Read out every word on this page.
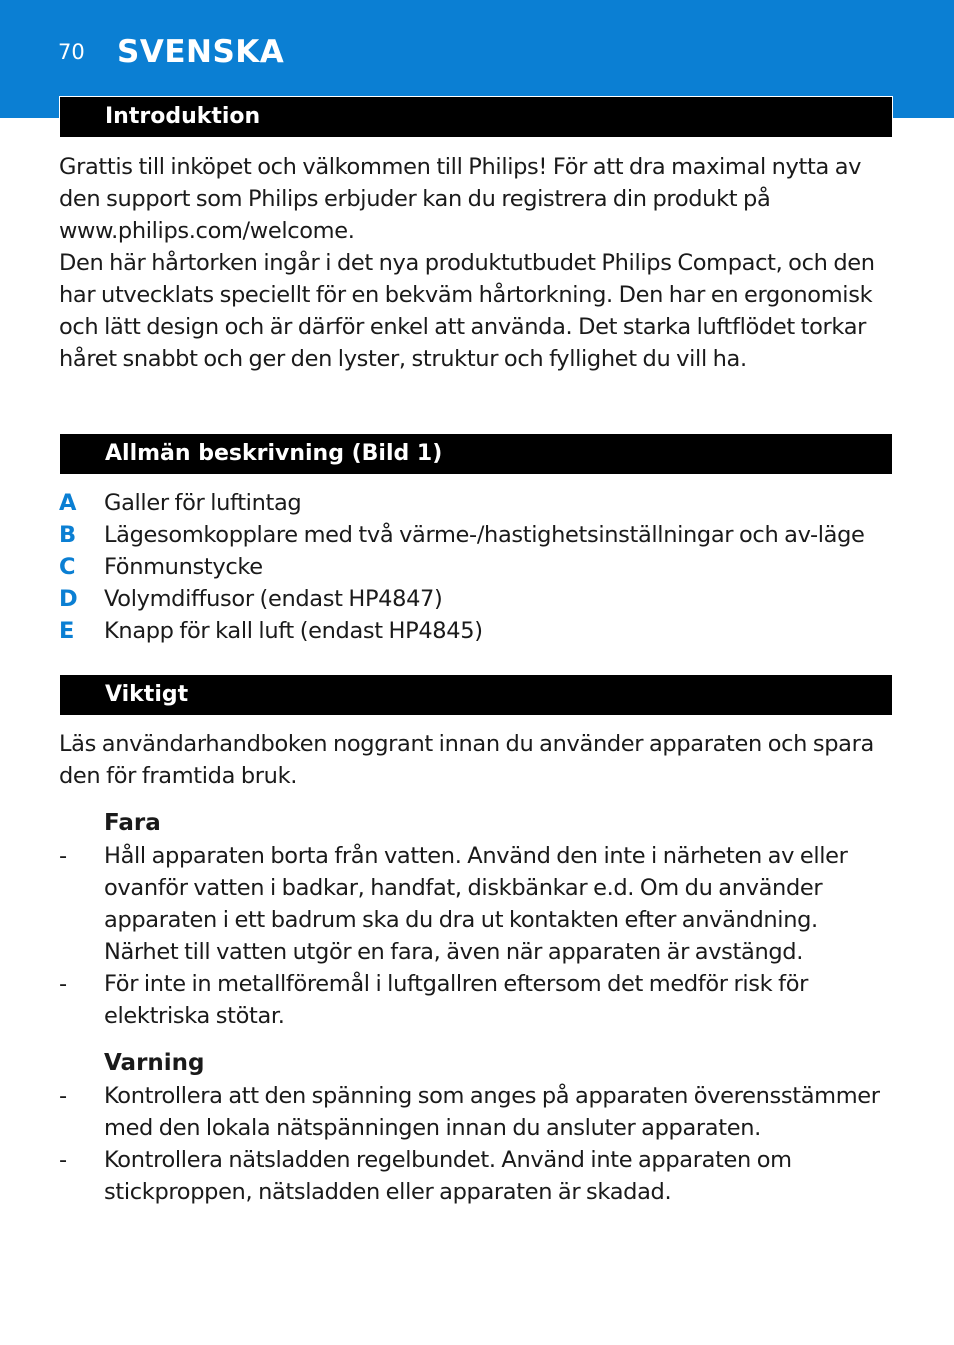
70 SVENSKA
Introduktion

Grattis till inköpet och välkommen till Philips! För att dra maximal nytta av den support som Philips erbjuder kan du registrera din produkt på www.philips.com/welcome.

Den här hårtorken ingår i det nya produktutbudet Philips Compact, och den har utvecklats speciellt för en bekväm hårtorkning. Den har en ergonomisk och lätt design och är därför enkel att använda. Det starka luftflödet torkar håret snabbt och ger den lyster, struktur och fyllighet du vill ha.

Allmän beskrivning (Bild 1)
A Galler för luftintag
B Lägesomkopplare med två värme-/hastighetsinställningar och av-läge
C Fönmunstycke
D Volymdiffusor (endast HP4847)
E Knapp för kall luft (endast HP4845)
Viktigt

Läs användarhandboken noggrant innan du använder apparaten och spara den för framtida bruk.

Fara
- Håll apparaten borta från vatten. Använd den inte i närheten av eller ovanför vatten i badkar, handfat, diskbänkar e.d. Om du använder apparaten i ett badrum ska du dra ut kontakten efter användning. Närhet till vatten utgör en fara, även när apparaten är avstängd.
- För inte in metallföremål i luftgallren eftersom det medför risk för elektriska stötar.
Varning
- Kontrollera att den spänning som anges på apparaten överensstämmer med den lokala nätspänningen innan du ansluter apparaten.
- Kontrollera nätsladden regelbundet. Använd inte apparaten om stickproppen, nätsladden eller apparaten är skadad.
